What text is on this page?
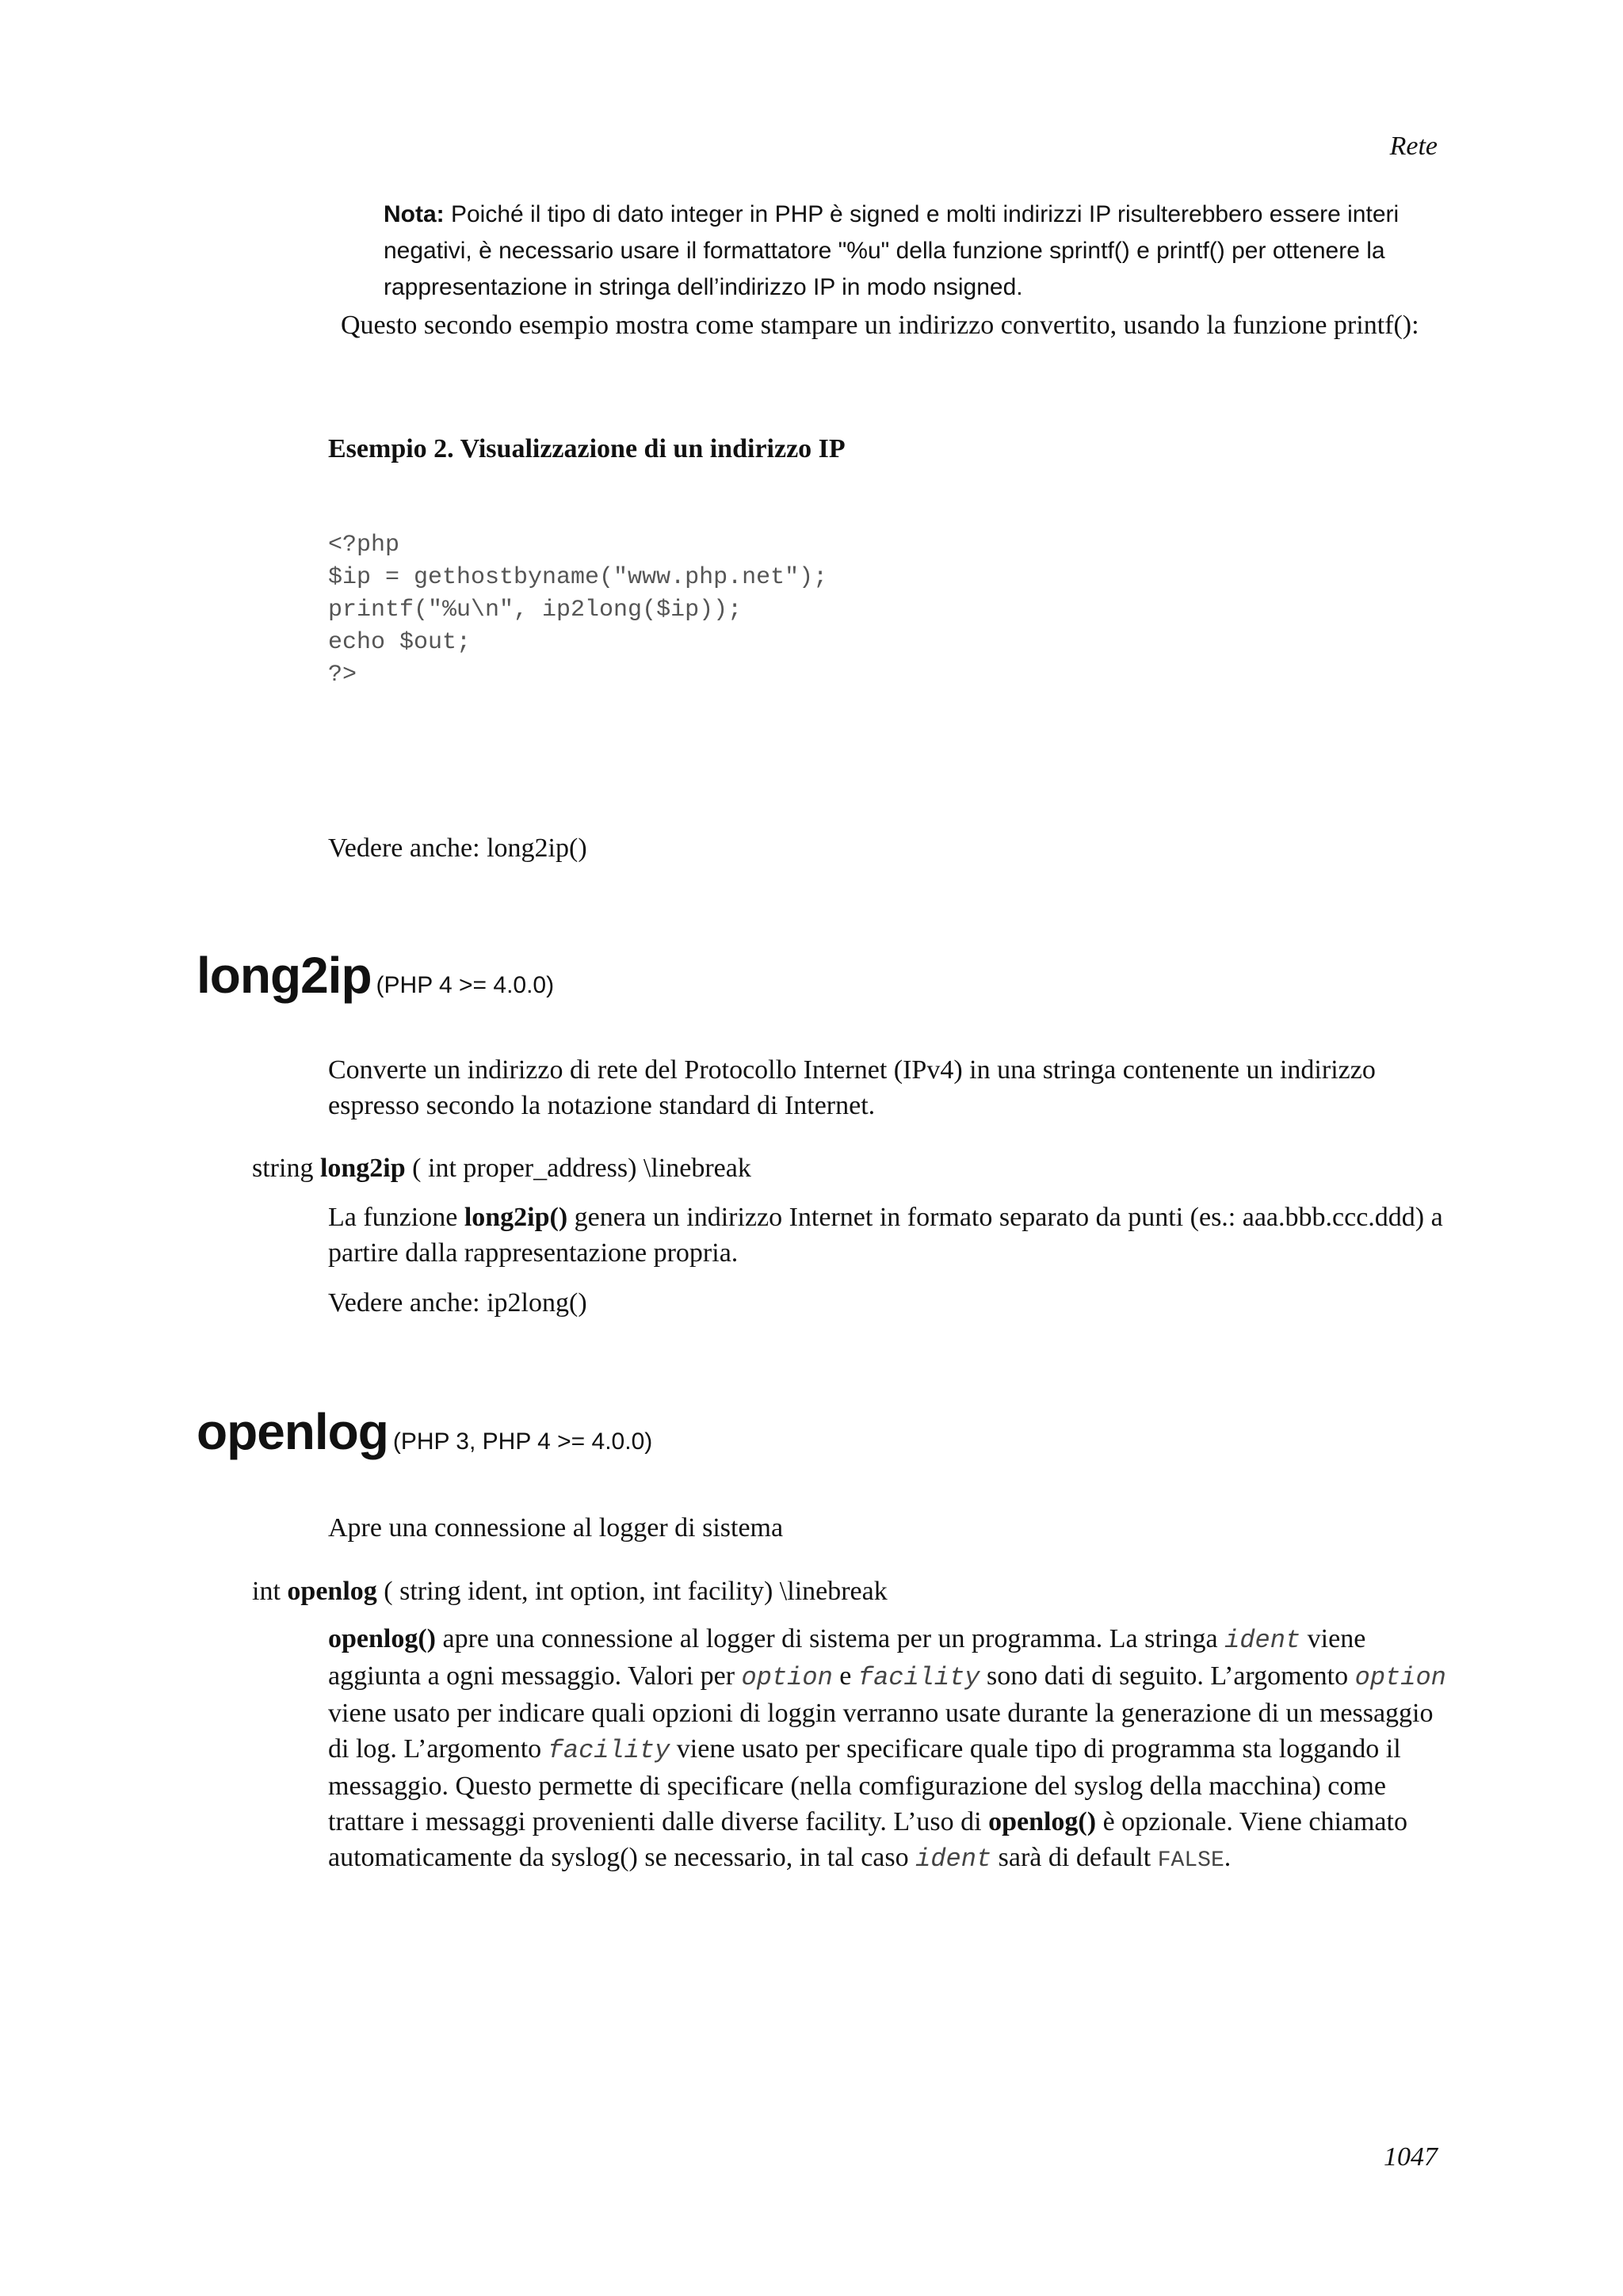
Rete
Nota: Poiché il tipo di dato integer in PHP è signed e molti indirizzi IP risulterebbero essere interi negativi, è necessario usare il formattatore "%u" della funzione sprintf() e printf() per ottenere la rappresentazione in stringa dell’indirizzo IP in modo nsigned.
Questo secondo esempio mostra come stampare un indirizzo convertito, usando la funzione printf():
Esempio 2. Visualizzazione di un indirizzo IP
<?php
$ip = gethostbyname("www.php.net");
printf("%u\n", ip2long($ip));
echo $out;
?>
Vedere anche: long2ip()
long2ip (PHP 4 >= 4.0.0)
Converte un indirizzo di rete del Protocollo Internet (IPv4) in una stringa contenente un indirizzo espresso secondo la notazione standard di Internet.
string long2ip ( int proper_address) \linebreak
La funzione long2ip() genera un indirizzo Internet in formato separato da punti (es.: aaa.bbb.ccc.ddd) a partire dalla rappresentazione propria.
Vedere anche: ip2long()
openlog (PHP 3, PHP 4 >= 4.0.0)
Apre una connessione al logger di sistema
int openlog ( string ident, int option, int facility) \linebreak
openlog() apre una connessione al logger di sistema per un programma. La stringa ident viene aggiunta a ogni messaggio. Valori per option e facility sono dati di seguito. L’argomento option viene usato per indicare quali opzioni di loggin verranno usate durante la generazione di un messaggio di log. L’argomento facility viene usato per specificare quale tipo di programma sta loggando il messaggio. Questo permette di specificare (nella comfigurazione del syslog della macchina) come trattare i messaggi provenienti dalle diverse facility. L’uso di openlog() è opzionale. Viene chiamato automaticamente da syslog() se necessario, in tal caso ident sarà di default FALSE.
1047
